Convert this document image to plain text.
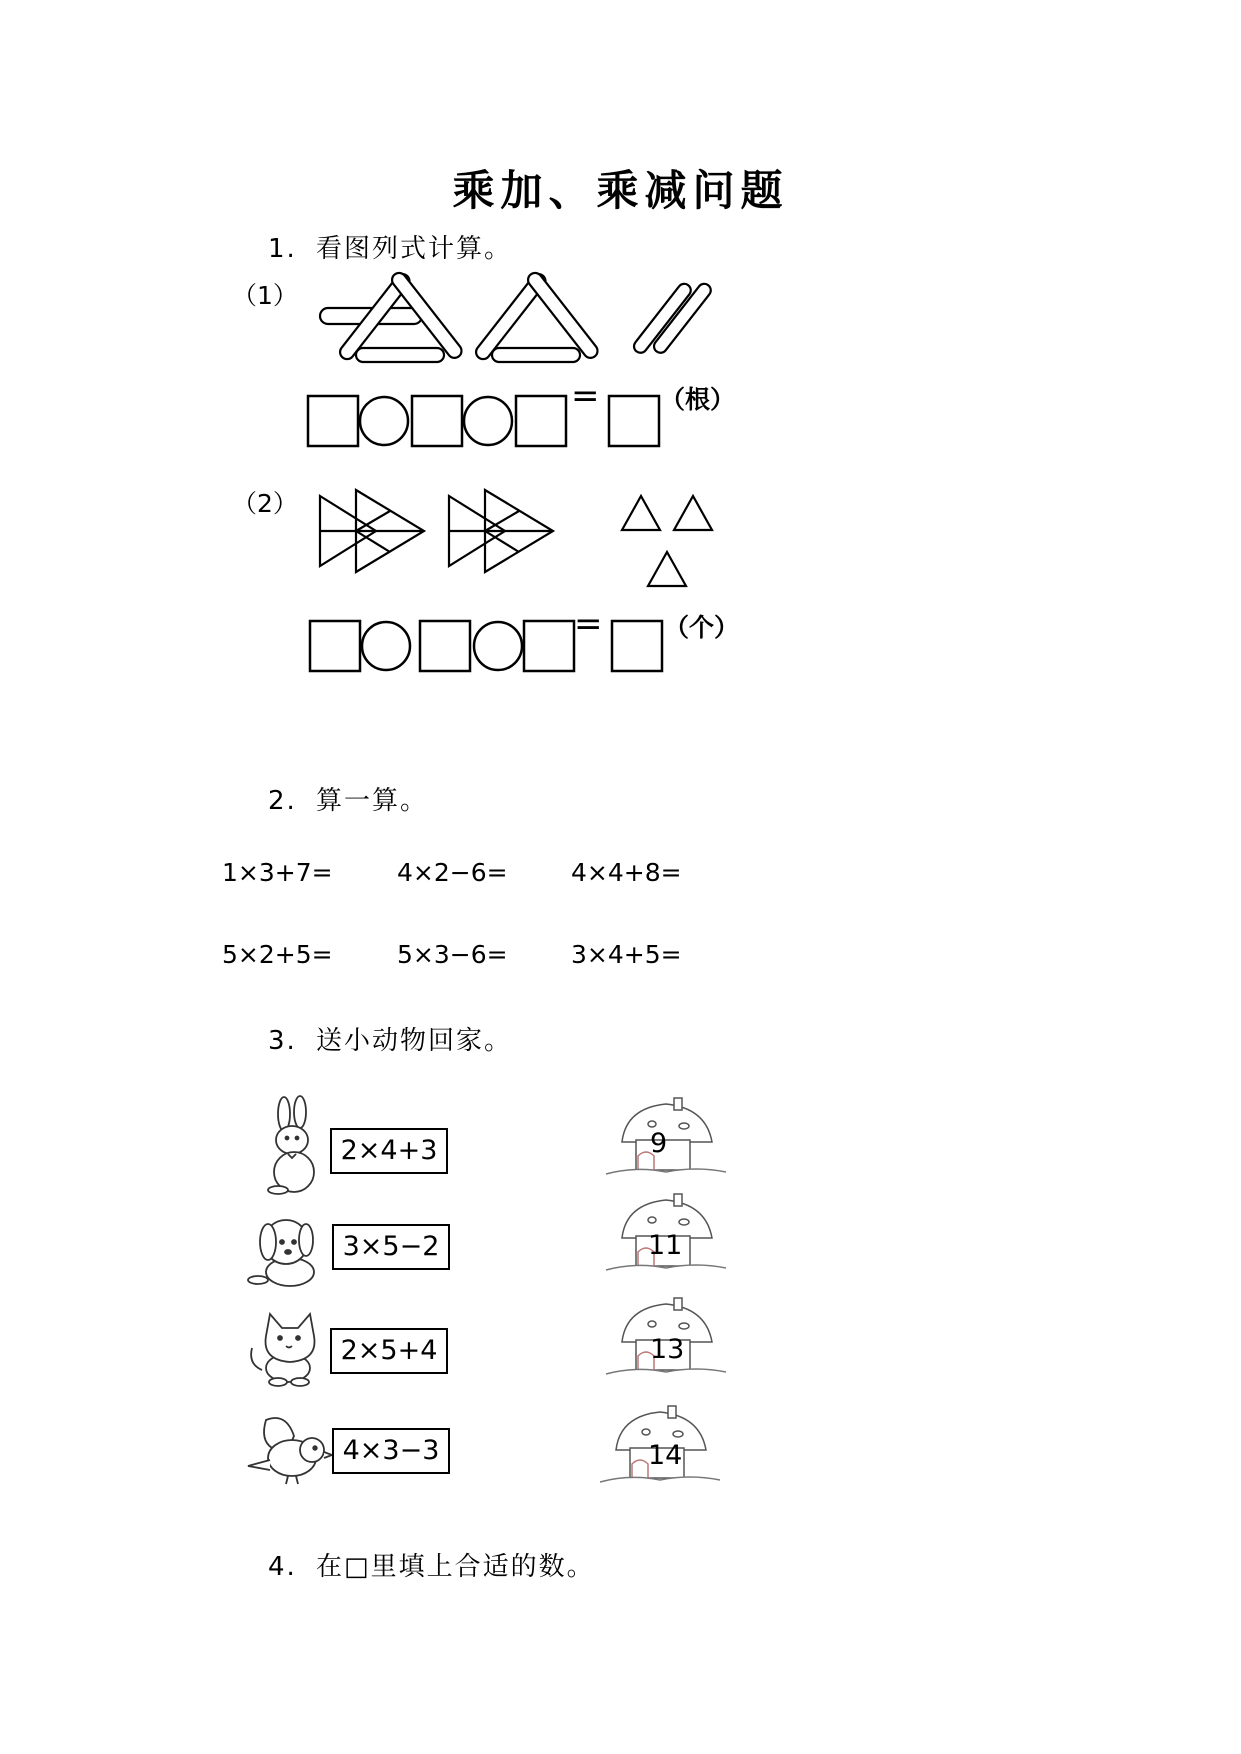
乘加、乘减问题
1. 看图列式计算。
（1）
= （根）
（2）
= （个）
2. 算一算。
1×3+7=	4×2−6=	4×4+8=
5×2+5=	5×3−6=	3×4+5=
3. 送小动物回家。
2×4+3
3×5−2
2×5+4
4×3−3
9
11
13
14
4. 在□里填上合适的数。
